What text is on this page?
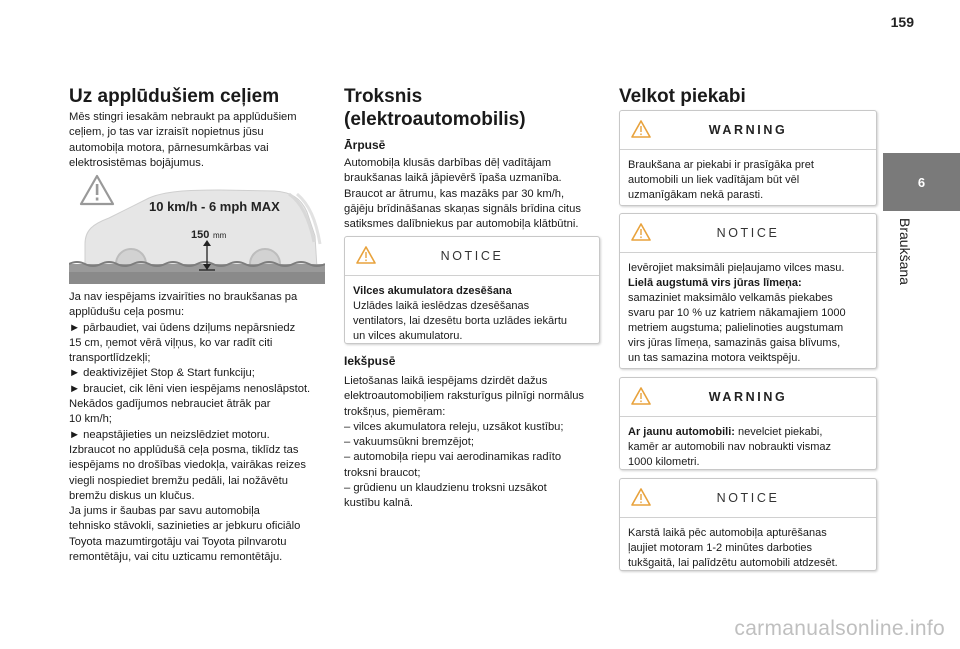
159
6
Braukšana
Uz applūdušiem ceļiem

Mēs stingri iesakām nebraukt pa applūdušiem

ceļiem, jo tas var izraisīt nopietnus jūsu

automobiļa motora, pārnesumkārbas vai

elektrosistēmas bojājumus.

10 km/h - 6 mph MAX
150 mm

Ja nav iespējams izvairīties no braukšanas pa

applūdušu ceļa posmu:

► pārbaudiet, vai ūdens dziļums nepārsniedz

15 cm, ņemot vērā viļņus, ko var radīt citi

transportlīdzekļi;

► deaktivizējiet Stop & Start funkciju;

► brauciet, cik lēni vien iespējams nenoslāpstot.

Nekādos gadījumos nebrauciet ātrāk par

10 km/h;

► neapstājieties un neizslēdziet motoru.

Izbraucot no applūdušā ceļa posma, tiklīdz tas

iespējams no drošības viedokļa, vairākas reizes

viegli nospiediet bremžu pedāli, lai nožāvētu

bremžu diskus un klučus.

Ja jums ir šaubas par savu automobiļa

tehnisko stāvokli, sazinieties ar jebkuru oficiālo

Toyota mazumtirgotāju vai Toyota pilnvarotu

remontētāju, vai citu uzticamu remontētāju.

Troksnis
(elektroautomobilis)
Ārpusē

Automobiļa klusās darbības dēļ vadītājam

braukšanas laikā jāpievērš īpaša uzmanība.

Braucot ar ātrumu, kas mazāks par 30 km/h,

gājēju brīdināšanas skaņas signāls brīdina citus

satiksmes dalībniekus par automobiļa klātbūtni.

NOTICE

Vilces akumulatora dzesēšana

Uzlādes laikā ieslēdzas dzesēšanas

ventilators, lai dzesētu borta uzlādes iekārtu

un vilces akumulatoru.

Iekšpusē

Lietošanas laikā iespējams dzirdēt dažus

elektroautomobiļiem raksturīgus pilnīgi normālus

trokšņus, piemēram:

– vilces akumulatora releju, uzsākot kustību;

– vakuumsūkni bremzējot;

– automobiļa riepu vai aerodinamikas radīto

troksni braucot;

– grūdienu un klaudzienu troksni uzsākot

kustību kalnā.

Velkot piekabi
WARNING

Braukšana ar piekabi ir prasīgāka pret

automobili un liek vadītājam būt vēl

uzmanīgākam nekā parasti.

NOTICE

Ievērojiet maksimāli pieļaujamo vilces masu.

Lielā augstumā virs jūras līmeņa:

samaziniet maksimālo velkamās piekabes

svaru par 10 % uz katriem nākamajiem 1000

metriem augstuma; palielinoties augstumam

virs jūras līmeņa, samazinās gaisa blīvums,

un tas samazina motora veiktspēju.

WARNING

Ar jaunu automobili: nevelciet piekabi,

kamēr ar automobili nav nobraukti vismaz

1000 kilometri.

NOTICE

Karstā laikā pēc automobiļa apturēšanas

ļaujiet motoram 1-2 minūtes darboties

tukšgaitā, lai palīdzētu automobili atdzesēt.

carmanualsonline.info
